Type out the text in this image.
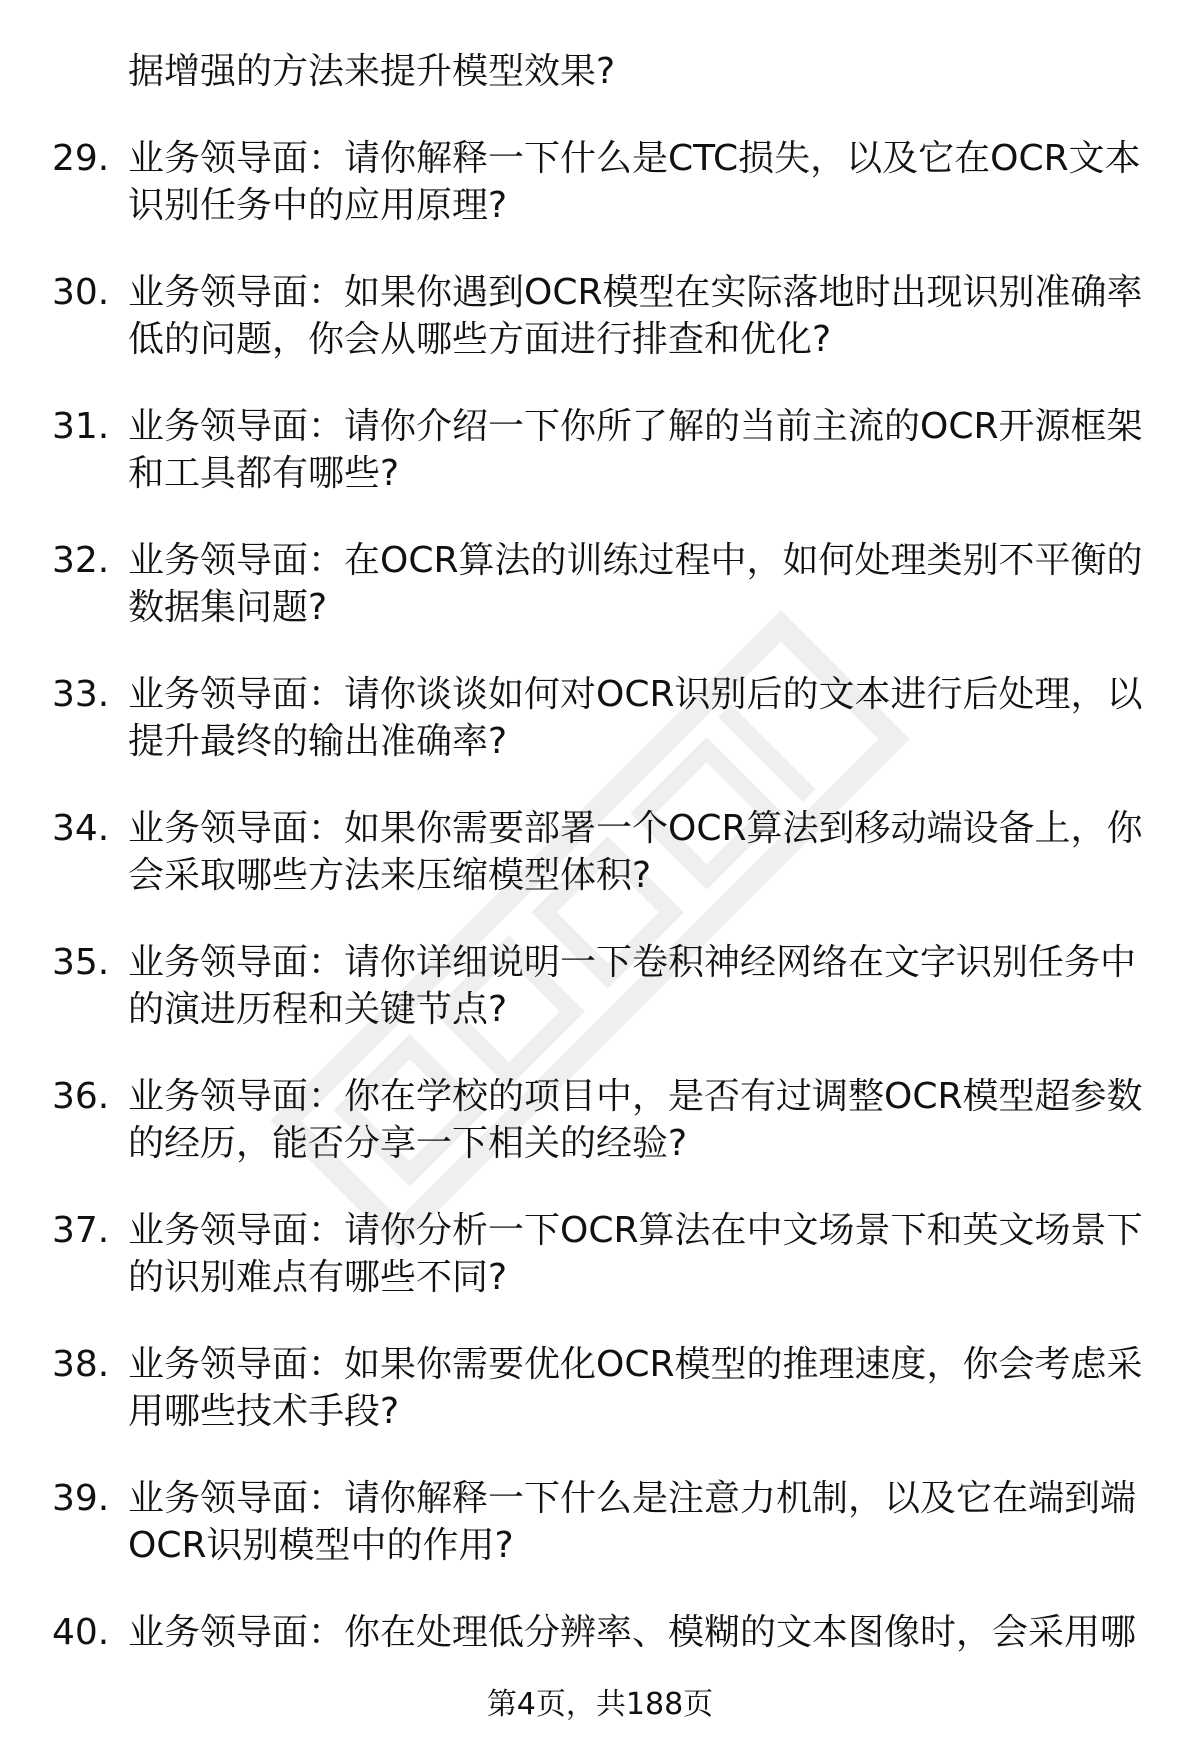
据增强的方法来提升模型效果?
29. 业务领导面：请你解释一下什么是CTC损失，以及它在OCR文本识别任务中的应用原理?
30. 业务领导面：如果你遇到OCR模型在实际落地时出现识别准确率低的问题，你会从哪些方面进行排查和优化?
31. 业务领导面：请你介绍一下你所了解的当前主流的OCR开源框架和工具都有哪些?
32. 业务领导面：在OCR算法的训练过程中，如何处理类别不平衡的数据集问题?
33. 业务领导面：请你谈谈如何对OCR识别后的文本进行后处理，以提升最终的输出准确率?
34. 业务领导面：如果你需要部署一个OCR算法到移动端设备上，你会采取哪些方法来压缩模型体积?
35. 业务领导面：请你详细说明一下卷积神经网络在文字识别任务中的演进历程和关键节点?
36. 业务领导面：你在学校的项目中，是否有过调整OCR模型超参数的经历，能否分享一下相关的经验?
37. 业务领导面：请你分析一下OCR算法在中文场景下和英文场景下的识别难点有哪些不同?
38. 业务领导面：如果你需要优化OCR模型的推理速度，你会考虑采用哪些技术手段?
39. 业务领导面：请你解释一下什么是注意力机制，以及它在端到端OCR识别模型中的作用?
40. 业务领导面：你在处理低分辨率、模糊的文本图像时，会采用哪
第4页，共188页
